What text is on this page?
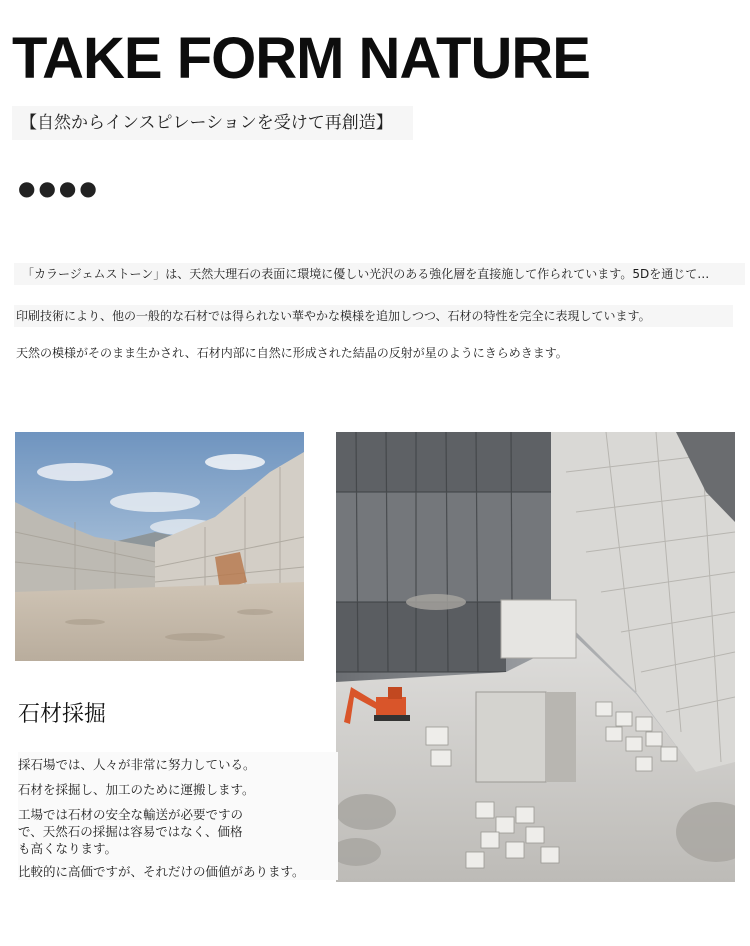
TAKE FORM NATURE
【自然からインスピレーションを受けて再創造】
●●●●
「カラージェムストーン」は、天然大理石の表面に環境に優しい光沢のある強化層を直接施して作られています。5Dを通じて…
印刷技術により、他の一般的な石材では得られない華やかな模様を追加しつつ、石材の特性を完全に表現しています。
天然の模様がそのまま生かされ、石材内部に自然に形成された結晶の反射が星のようにきらめきます。
石材採掘

採石場では、人々が非常に努力している。

石材を採掘し、加工のために運搬します。

工場では石材の安全な輸送が必要ですので、天然石の採掘は容易ではなく、価格も高くなります。

比較的に高価ですが、それだけの価値があります。
